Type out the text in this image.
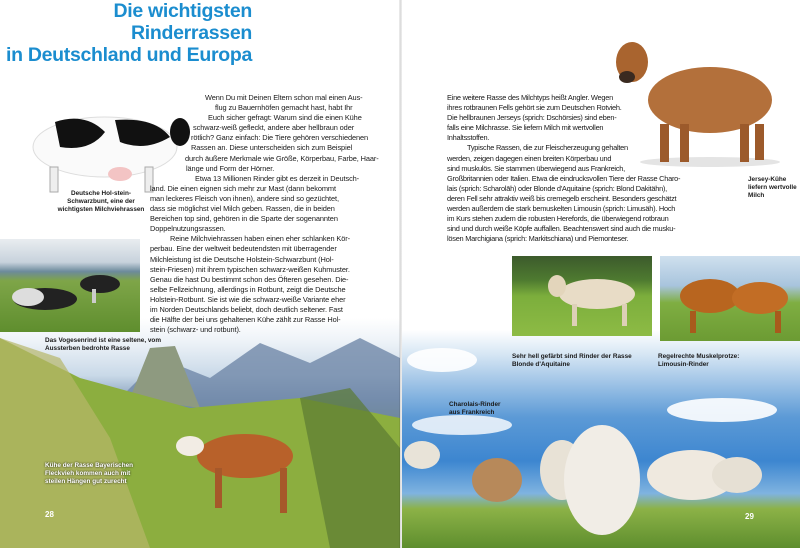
Die wichtigsten Rinderrassen
in Deutschland und Europa
Deutsche Hol-stein-Schwarzbunt, eine der wichtigsten Milchviehrassen
Das Vogesenrind ist eine seltene, vom Aussterben bedrohte Rasse
Wenn Du mit Deinen Eltern schon mal einen Aus-
flug zu Bauernhöfen gemacht hast, habt Ihr
Euch sicher gefragt: Warum sind die einen Kühe
schwarz-weiß gefleckt, andere aber hellbraun oder
rötlich? Ganz einfach: Die Tiere gehören verschiedenen
Rassen an. Diese unterscheiden sich zum Beispiel
durch äußere Merkmale wie Größe, Körperbau, Farbe, Haar-
länge und Form der Hörner.
Etwa 13 Millionen Rinder gibt es derzeit in Deutsch-
land. Die einen eignen sich mehr zur Mast (dann bekommt
man leckeres Fleisch von ihnen), andere sind so gezüchtet,
dass sie möglichst viel Milch geben. Rassen, die in beiden
Bereichen top sind, gehören in die Sparte der sogenannten
Doppelnutzungsrassen.
Reine Milchviehrassen haben einen eher schlanken Kör-
perbau. Eine der weltweit bedeutendsten mit überragender
Milchleistung ist die Deutsche Holstein-Schwarzbunt (Hol-
stein-Friesen) mit ihrem typischen schwarz-weißen Kuhmuster.
Genau die hast Du bestimmt schon des Öfteren gesehen. Die-
selbe Fellzeichnung, allerdings in Rotbunt, zeigt die Deutsche
Holstein-Rotbunt. Sie ist wie die schwarz-weiße Variante eher
im Norden Deutschlands beliebt, doch deutlich seltener. Fast
die Hälfte der bei uns gehaltenen Kühe zählt zur Rasse Hol-
stein (schwarz- und rotbunt).
Kühe der Rasse Bayerischen Fleckvieh kommen auch mit steilen Hängen gut zurecht
28
Eine weitere Rasse des Milchtyps heißt Angler. Wegen
ihres rotbraunen Fells gehört sie zum Deutschen Rotvieh.
Die hellbraunen Jerseys (sprich: Dschörsies) sind eben-
falls eine Milchrasse. Sie liefern Milch mit wertvollen
Inhaltsstoffen.
Typische Rassen, die zur Fleischerzeugung gehalten
werden, zeigen dagegen einen breiten Körperbau und
sind muskulös. Sie stammen überwiegend aus Frankreich,
Großbritannien oder Italien. Etwa die eindrucksvollen Tiere der Rasse Charo-
lais (sprich: Scharolāh) oder Blonde d'Aquitaine (sprich: Blond Dakitähn),
deren Fell sehr attraktiv weiß bis cremegelb erscheint. Besonders geschätzt
werden außerdem die stark bemuskelten Limousin (sprich: Limusäh). Hoch
im Kurs stehen zudem die robusten Herefords, die überwiegend rotbraun
sind und durch weiße Köpfe auffallen. Beachtenswert sind auch die musku-
lösen Marchigiana (sprich: Markitschiana) und Piemonteser.
Jersey-Kühe liefern wertvolle Milch
Sehr hell gefärbt sind Rinder der Rasse Blonde d'Aquitaine
Regelrechte Muskelprotze: Limousin-Rinder
Charolais-Rinder aus Frankreich
29
